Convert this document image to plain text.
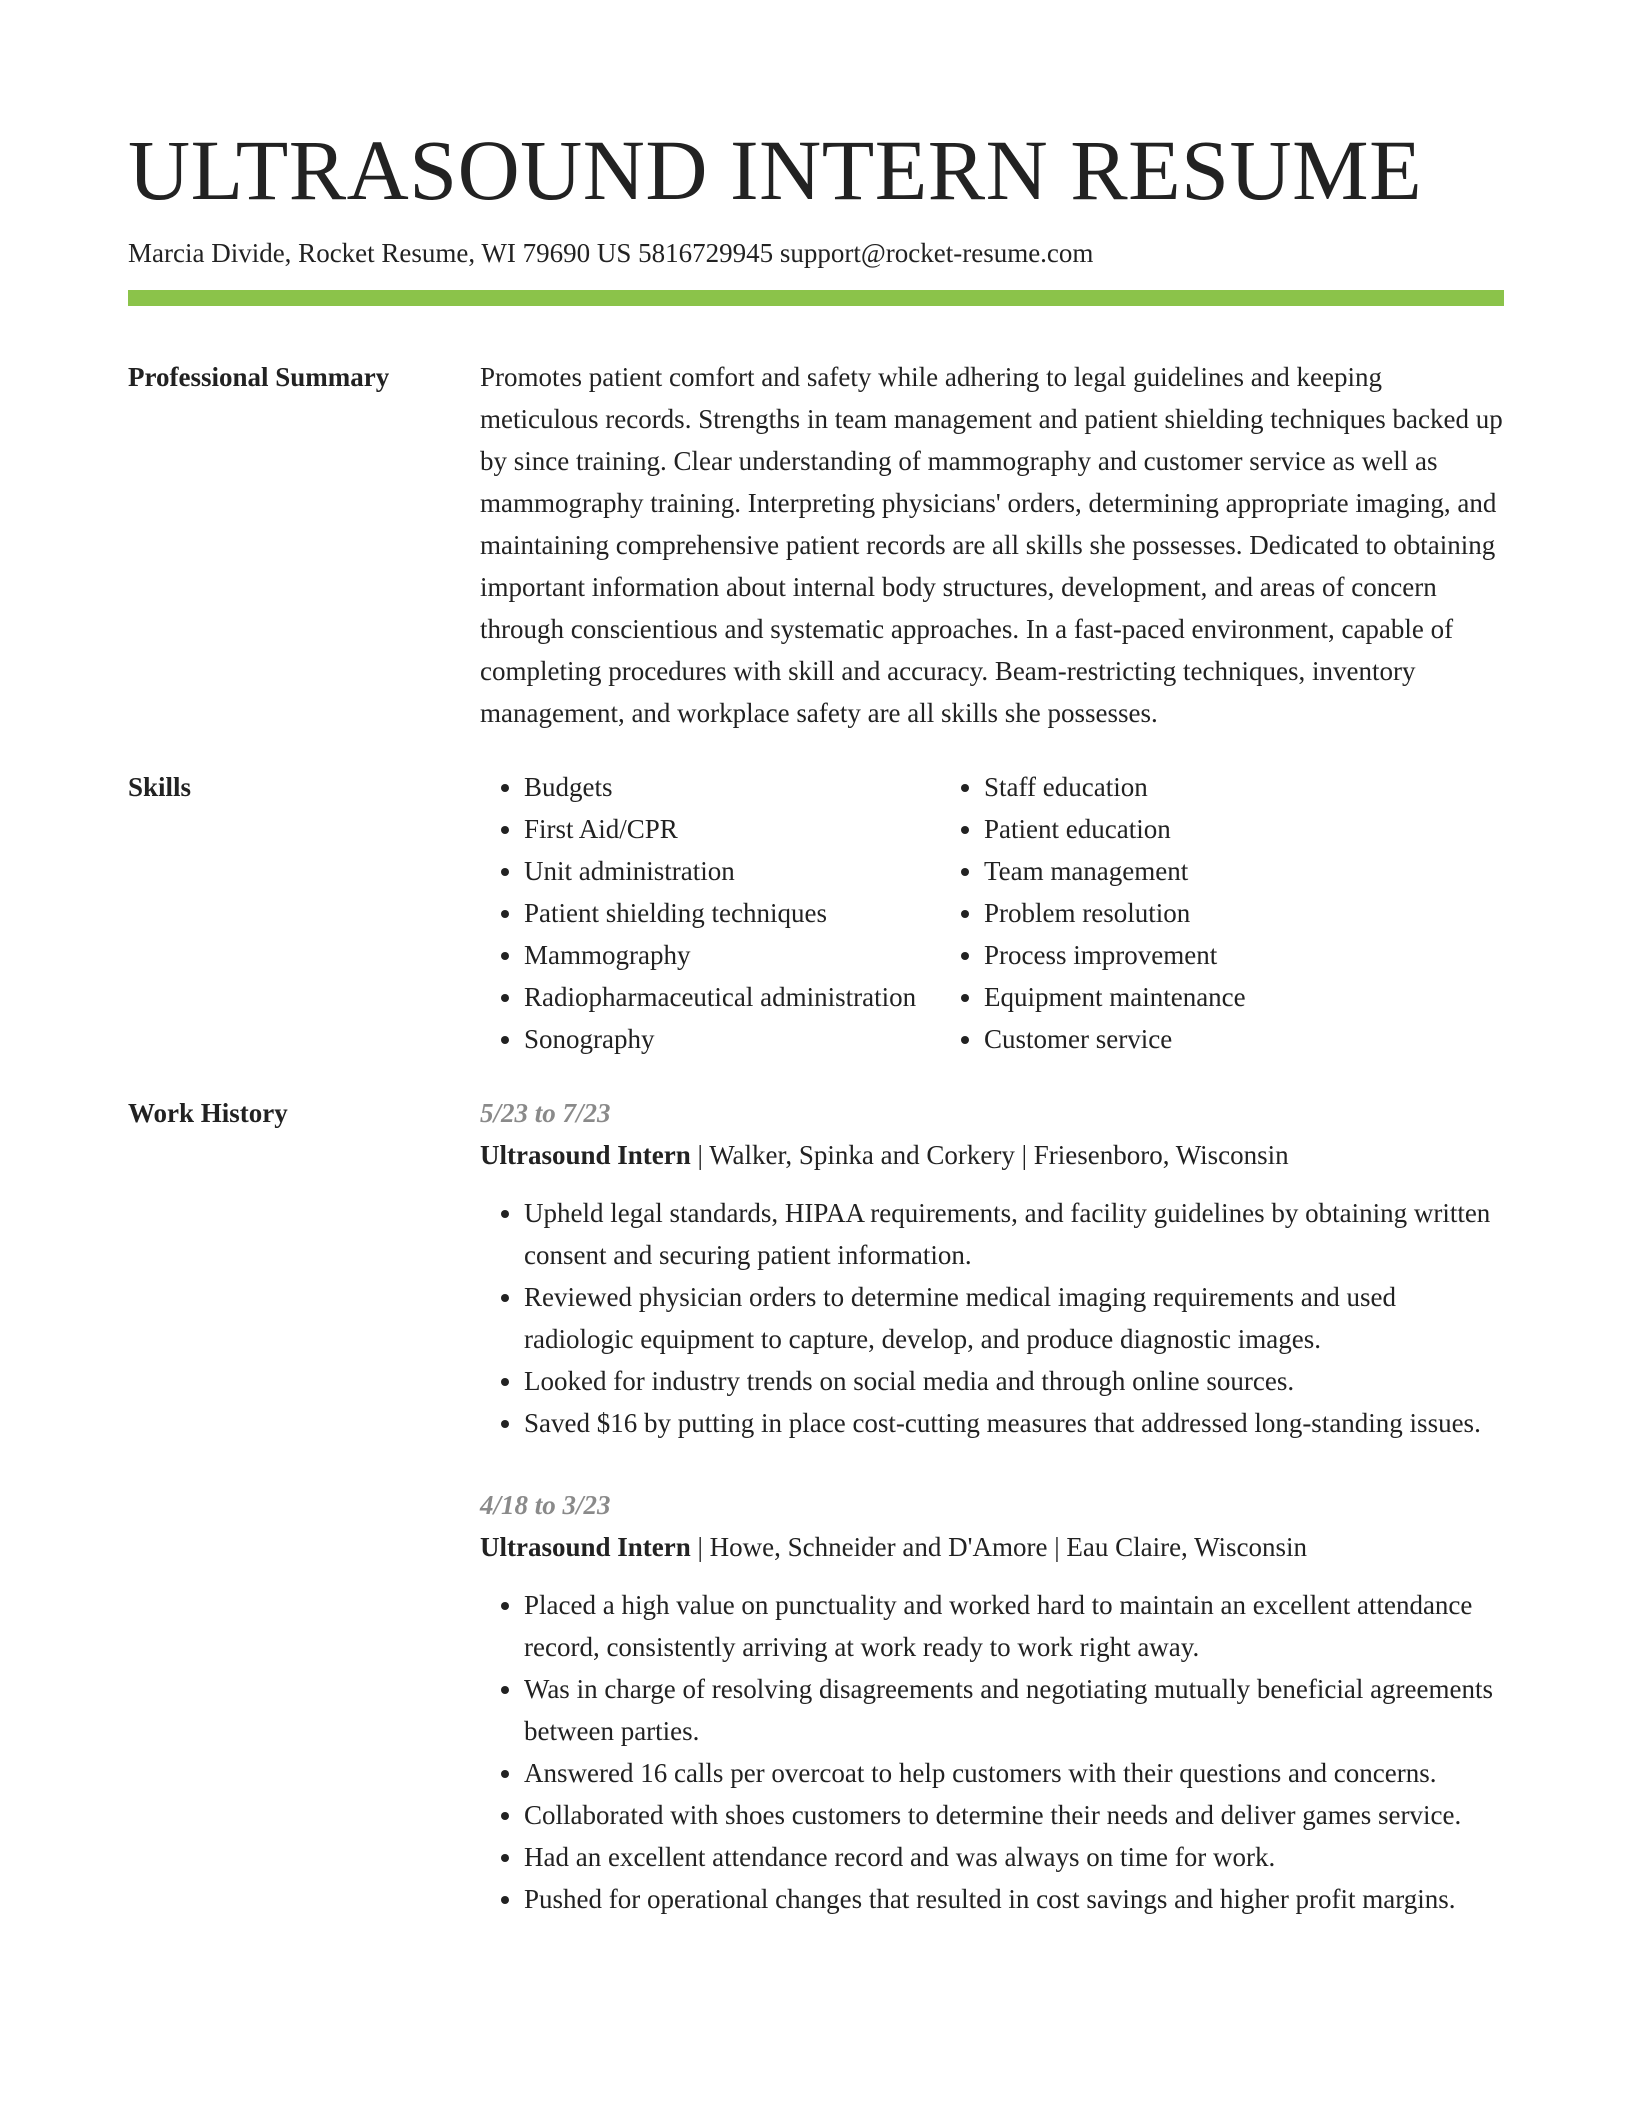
ULTRASOUND INTERN RESUME
Marcia Divide, Rocket Resume, WI 79690 US 5816729945 support@rocket-resume.com
Professional Summary	Promotes patient comfort and safety while adhering to legal guidelines and keeping meticulous records. Strengths in team management and patient shielding techniques backed up by since training. Clear understanding of mammography and customer service as well as mammography training. Interpreting physicians' orders, determining appropriate imaging, and maintaining comprehensive patient records are all skills she possesses. Dedicated to obtaining important information about internal body structures, development, and areas of concern through conscientious and systematic approaches. In a fast-paced environment, capable of completing procedures with skill and accuracy. Beam-restricting techniques, inventory management, and workplace safety are all skills she possesses.

Skills
•	Budgets
• First Aid/CPR
• Unit administration
• Patient shielding techniques
• Mammography
• Radiopharmaceutical administration
• Sonography
• Staff education
• Patient education
• Team management
• Problem resolution
• Process improvement
• Equipment maintenance
• Customer service
Work History	5/23 to 7/23
Ultrasound Intern | Walker, Spinka and Corkery | Friesenboro, Wisconsin
• Upheld legal standards, HIPAA requirements, and facility guidelines by obtaining written consent and securing patient information.
• Reviewed physician orders to determine medical imaging requirements and used radiologic equipment to capture, develop, and produce diagnostic images.
• Looked for industry trends on social media and through online sources.
• Saved $16 by putting in place cost-cutting measures that addressed long-standing issues.
4/18 to 3/23
Ultrasound Intern | Howe, Schneider and D'Amore | Eau Claire, Wisconsin
• Placed a high value on punctuality and worked hard to maintain an excellent attendance record, consistently arriving at work ready to work right away.
• Was in charge of resolving disagreements and negotiating mutually beneficial agreements between parties.
• Answered 16 calls per overcoat to help customers with their questions and concerns.
• Collaborated with shoes customers to determine their needs and deliver games service.
• Had an excellent attendance record and was always on time for work.
• Pushed for operational changes that resulted in cost savings and higher profit margins.
